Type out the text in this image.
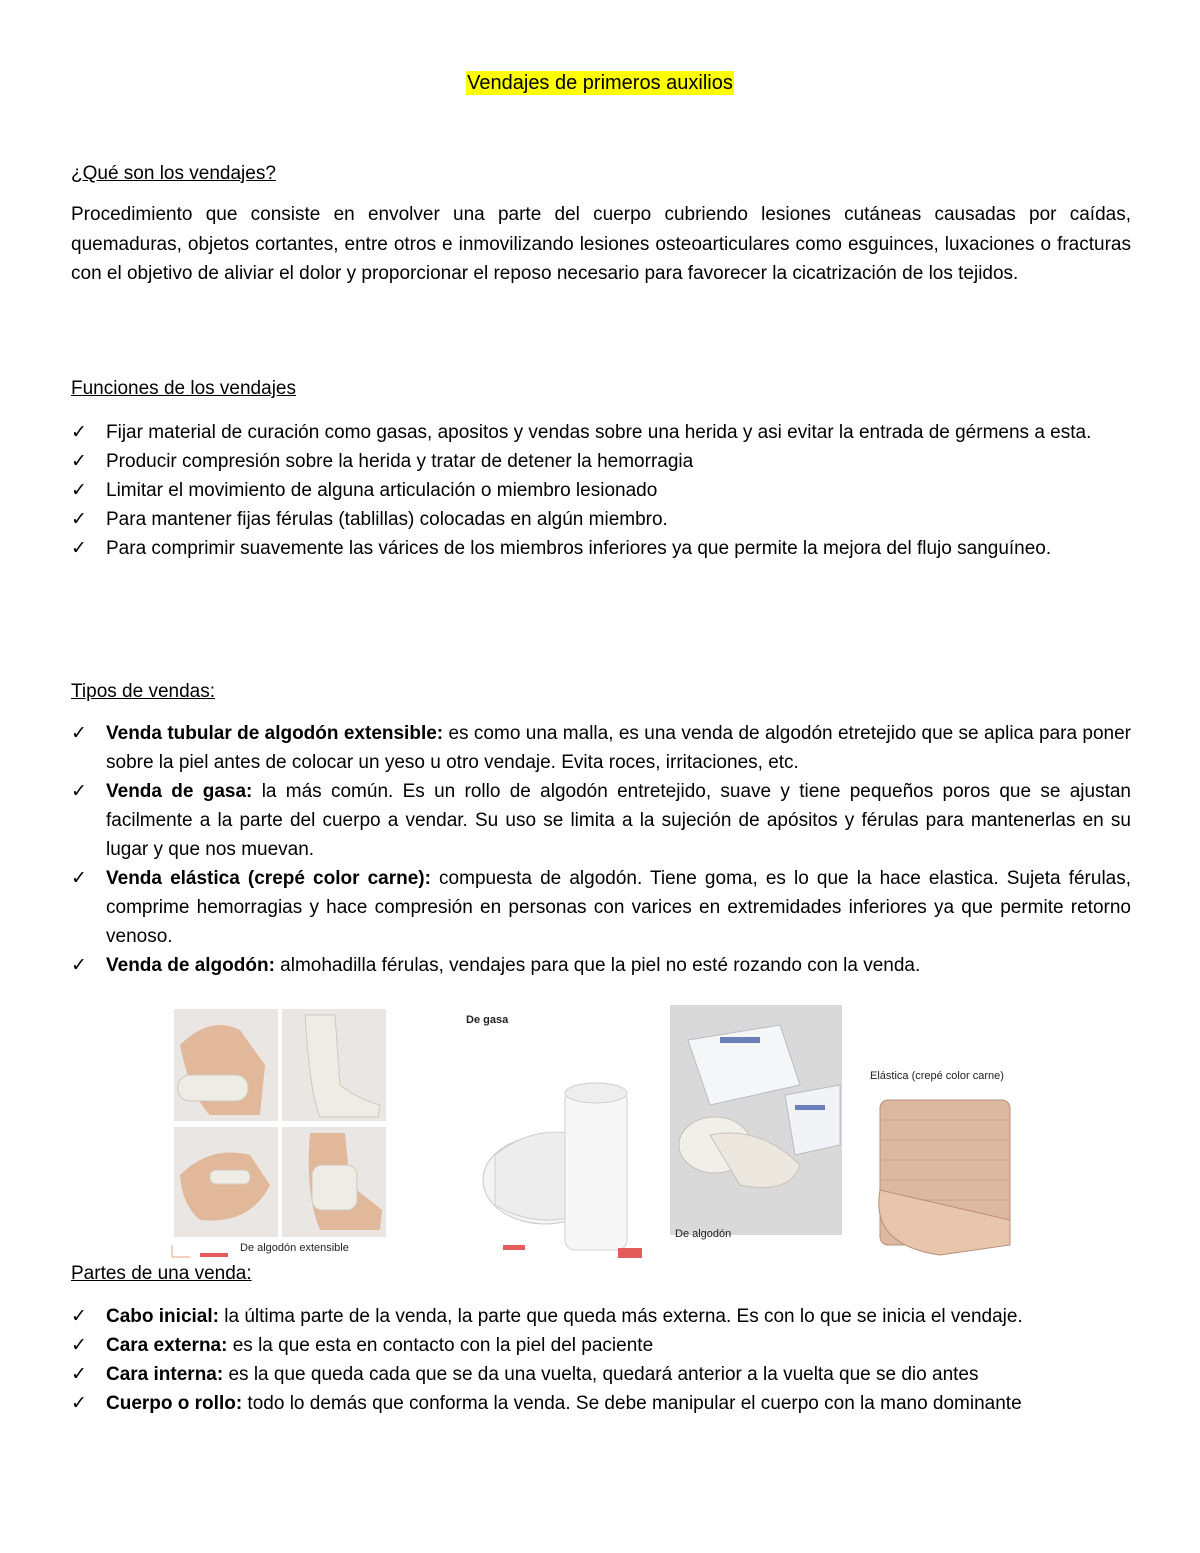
Vendajes de primeros auxilios
¿Qué son los vendajes?
Procedimiento que consiste en envolver una parte del cuerpo cubriendo lesiones cutáneas causadas por caídas, quemaduras, objetos cortantes, entre otros e inmovilizando lesiones osteoarticulares como esguinces, luxaciones o fracturas con el objetivo de aliviar el dolor y proporcionar el reposo necesario para favorecer la cicatrización de los tejidos.
Funciones de los vendajes
✓ Fijar material de curación como gasas, apositos y vendas sobre una herida y asi evitar la entrada de gérmens a esta.
✓ Producir compresión sobre la herida y tratar de detener la hemorragia
✓ Limitar el movimiento de alguna articulación o miembro lesionado
✓ Para mantener fijas férulas (tablillas) colocadas en algún miembro.
✓ Para comprimir suavemente las várices de los miembros inferiores ya que permite la mejora del flujo sanguíneo.
Tipos de vendas:
✓ Venda tubular de algodón extensible: es como una malla, es una venda de algodón etretejido que se aplica para poner sobre la piel antes de colocar un yeso u otro vendaje. Evita roces, irritaciones, etc.
✓ Venda de gasa: la más común. Es un rollo de algodón entretejido, suave y tiene pequeños poros que se ajustan facilmente a la parte del cuerpo a vendar. Su uso se limita a la sujeción de apósitos y férulas para mantenerlas en su lugar y que nos muevan.
✓ Venda elástica (crepé color carne): compuesta de algodón. Tiene goma, es lo que la hace elastica. Sujeta férulas, comprime hemorragias y hace compresión en personas con varices en extremidades inferiores ya que permite retorno venoso.
✓ Venda de algodón: almohadilla férulas, vendajes para que la piel no esté rozando con la venda.
De algodón extensible
De gasa
De algodón
Elástica (crepé color carne)
Partes de una venda:
✓ Cabo inicial: la última parte de la venda, la parte que queda más externa. Es con lo que se inicia el vendaje.
✓ Cara externa: es la que esta en contacto con la piel del paciente
✓ Cara interna: es la que queda cada que se da una vuelta, quedará anterior a la vuelta que se dio antes
✓ Cuerpo o rollo: todo lo demás que conforma la venda. Se debe manipular el cuerpo con la mano dominante
